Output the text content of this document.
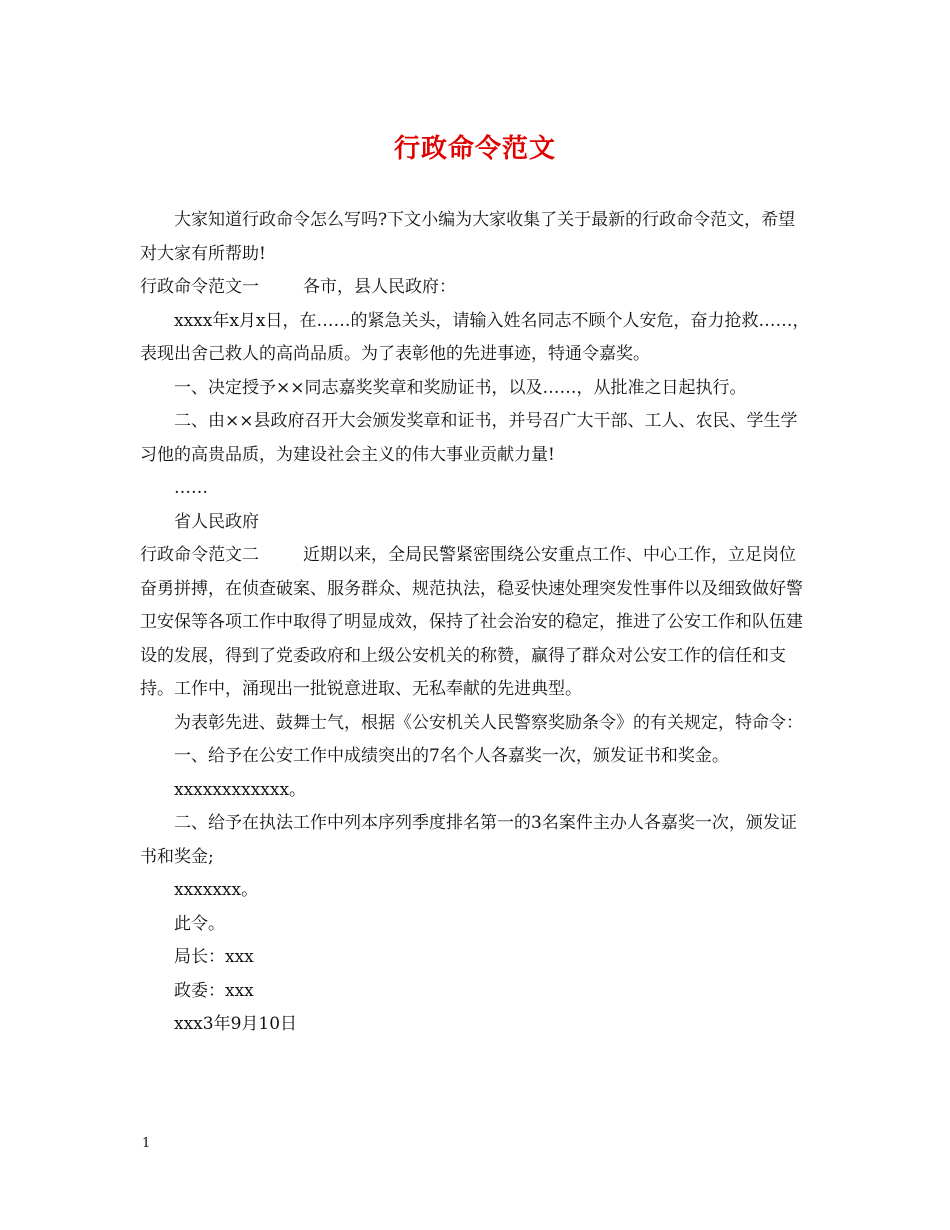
行政命令范文

大家知道行政命令怎么写吗?下文小编为大家收集了关于最新的行政命令范文，希望对大家有所帮助!

行政命令范文一	各市，县人民政府：

xxxx年x月x日，在……的紧急关头，请输入姓名同志不顾个人安危，奋力抢救……，表现出舍己救人的高尚品质。为了表彰他的先进事迹，特通令嘉奖。

一、决定授予××同志嘉奖奖章和奖励证书，以及……，从批准之日起执行。

二、由××县政府召开大会颁发奖章和证书，并号召广大干部、工人、农民、学生学习他的高贵品质，为建设社会主义的伟大事业贡献力量!

……

省人民政府

行政命令范文二	近期以来，全局民警紧密围绕公安重点工作、中心工作，立足岗位奋勇拼搏，在侦查破案、服务群众、规范执法，稳妥快速处理突发性事件以及细致做好警卫安保等各项工作中取得了明显成效，保持了社会治安的稳定，推进了公安工作和队伍建设的发展，得到了党委政府和上级公安机关的称赞，赢得了群众对公安工作的信任和支持。工作中，涌现出一批锐意进取、无私奉献的先进典型。

为表彰先进、鼓舞士气，根据《公安机关人民警察奖励条令》的有关规定，特命令：

一、给予在公安工作中成绩突出的7名个人各嘉奖一次，颁发证书和奖金。

xxxxxxxxxxxx。

二、给予在执法工作中列本序列季度排名第一的3名案件主办人各嘉奖一次，颁发证书和奖金;

xxxxxxx。

此令。

局长：xxx

政委：xxx

xxx3年9月10日

1
